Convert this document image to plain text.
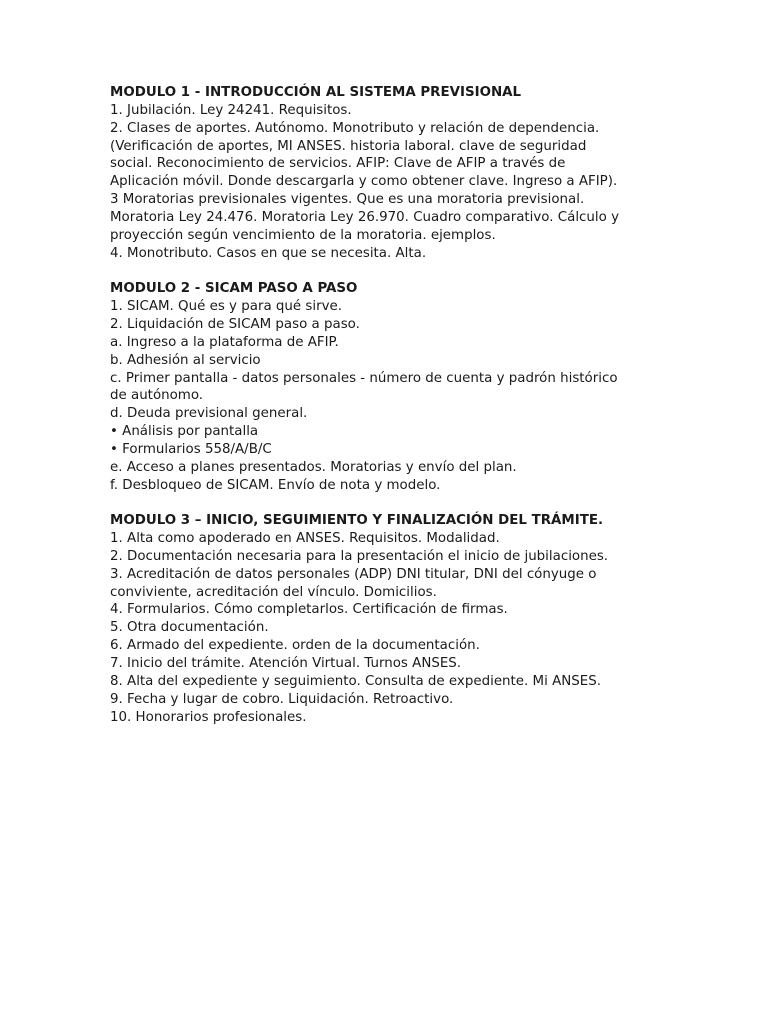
MODULO 1 - INTRODUCCIÓN AL SISTEMA PREVISIONAL
1. Jubilación. Ley 24241. Requisitos.
2. Clases de aportes. Autónomo. Monotributo y relación de dependencia.
(Verificación de aportes, MI ANSES. historia laboral. clave de seguridad
social. Reconocimiento de servicios. AFIP: Clave de AFIP a través de
Aplicación móvil. Donde descargarla y como obtener clave. Ingreso a AFIP).
3 Moratorias previsionales vigentes. Que es una moratoria previsional.
Moratoria Ley 24.476. Moratoria Ley 26.970. Cuadro comparativo. Cálculo y
proyección según vencimiento de la moratoria. ejemplos.
4. Monotributo. Casos en que se necesita. Alta.
MODULO 2 - SICAM PASO A PASO
1. SICAM. Qué es y para qué sirve.
2. Liquidación de SICAM paso a paso.
a. Ingreso a la plataforma de AFIP.
b. Adhesión al servicio
c. Primer pantalla - datos personales - número de cuenta y padrón histórico
de autónomo.
d. Deuda previsional general.
• Análisis por pantalla
• Formularios 558/A/B/C
e. Acceso a planes presentados. Moratorias y envío del plan.
f. Desbloqueo de SICAM. Envío de nota y modelo.
MODULO 3 – INICIO, SEGUIMIENTO Y FINALIZACIÓN DEL TRÁMITE.
1. Alta como apoderado en ANSES. Requisitos. Modalidad.
2. Documentación necesaria para la presentación el inicio de jubilaciones.
3. Acreditación de datos personales (ADP) DNI titular, DNI del cónyuge o
conviviente, acreditación del vínculo. Domicilios.
4. Formularios. Cómo completarlos. Certificación de firmas.
5. Otra documentación.
6. Armado del expediente. orden de la documentación.
7. Inicio del trámite. Atención Virtual. Turnos ANSES.
8. Alta del expediente y seguimiento. Consulta de expediente. Mi ANSES.
9. Fecha y lugar de cobro. Liquidación. Retroactivo.
10. Honorarios profesionales.
